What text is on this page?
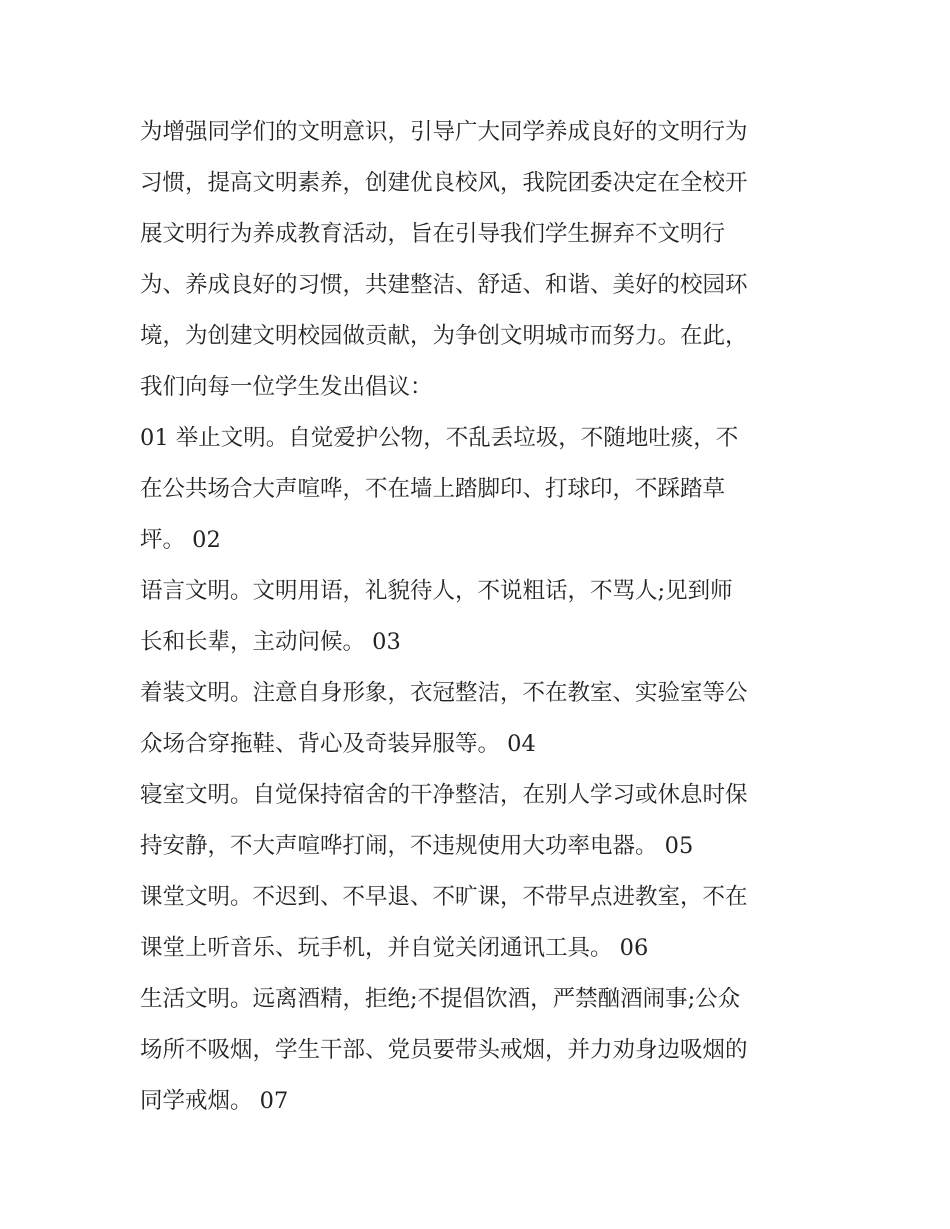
为增强同学们的文明意识，引导广大同学养成良好的文明行为
习惯，提高文明素养，创建优良校风，我院团委决定在全校开
展文明行为养成教育活动，旨在引导我们学生摒弃不文明行
为、养成良好的习惯，共建整洁、舒适、和谐、美好的校园环
境，为创建文明校园做贡献，为争创文明城市而努力。在此，
我们向每一位学生发出倡议：
01 举止文明。自觉爱护公物，不乱丢垃圾，不随地吐痰，不
在公共场合大声喧哗，不在墙上踏脚印、打球印，不踩踏草
坪。 02
语言文明。文明用语，礼貌待人，不说粗话，不骂人;见到师
长和长辈，主动问候。 03
着装文明。注意自身形象，衣冠整洁，不在教室、实验室等公
众场合穿拖鞋、背心及奇装异服等。 04
寝室文明。自觉保持宿舍的干净整洁，在别人学习或休息时保
持安静，不大声喧哗打闹，不违规使用大功率电器。 05
课堂文明。不迟到、不早退、不旷课，不带早点进教室，不在
课堂上听音乐、玩手机，并自觉关闭通讯工具。 06
生活文明。远离酒精，拒绝;不提倡饮酒，严禁酗酒闹事;公众
场所不吸烟，学生干部、党员要带头戒烟，并力劝身边吸烟的
同学戒烟。 07
